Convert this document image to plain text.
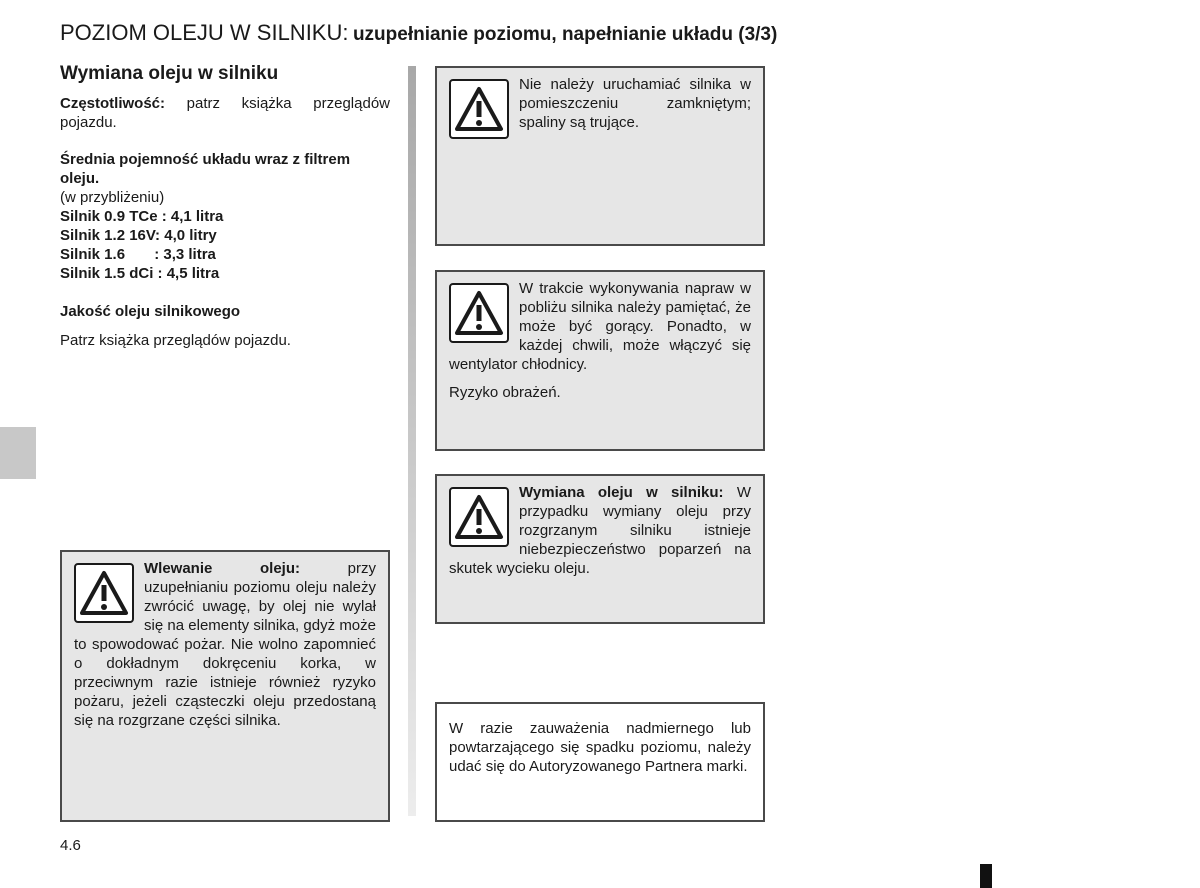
POZIOM OLEJU W SILNIKU: uzupełnianie poziomu, napełnianie układu (3/3)
Wymiana oleju w silniku

Częstotliwość: patrz książka przeglądów pojazdu.

Średnia pojemność układu wraz z filtrem oleju.

(w przybliżeniu)

Silnik 0.9 TCe : 4,1 litra

Silnik 1.2 16V: 4,0 litry

Silnik 1.6       : 3,3 litra

Silnik 1.5 dCi : 4,5 litra

Jakość oleju silnikowego

Patrz książka przeglądów pojazdu.

Wlewanie oleju:	przy uzupełnianiu poziomu oleju należy zwrócić uwagę, by olej nie wylał się na elementy silnika, gdyż może to spowodować pożar. Nie wolno zapomnieć o dokładnym dokręceniu korka, w przeciwnym razie istnieje również ryzyko pożaru, jeżeli cząsteczki oleju przedostaną się na rozgrzane części silnika.

Nie należy uruchamiać silnika w pomieszczeniu zamkniętym; spaliny są trujące.

W trakcie wykonywania napraw w pobliżu silnika należy pamiętać, że może być gorący. Ponadto, w każdej chwili, może włączyć się wentylator chłodnicy.

Ryzyko obrażeń.

Wymiana oleju w silniku: W przypadku wymiany oleju przy rozgrzanym silniku istnieje niebezpieczeństwo poparzeń na skutek wycieku oleju.

W razie zauważenia nadmiernego lub powtarzającego się spadku poziomu, należy udać się do Autoryzowanego Partnera marki.

4.6
